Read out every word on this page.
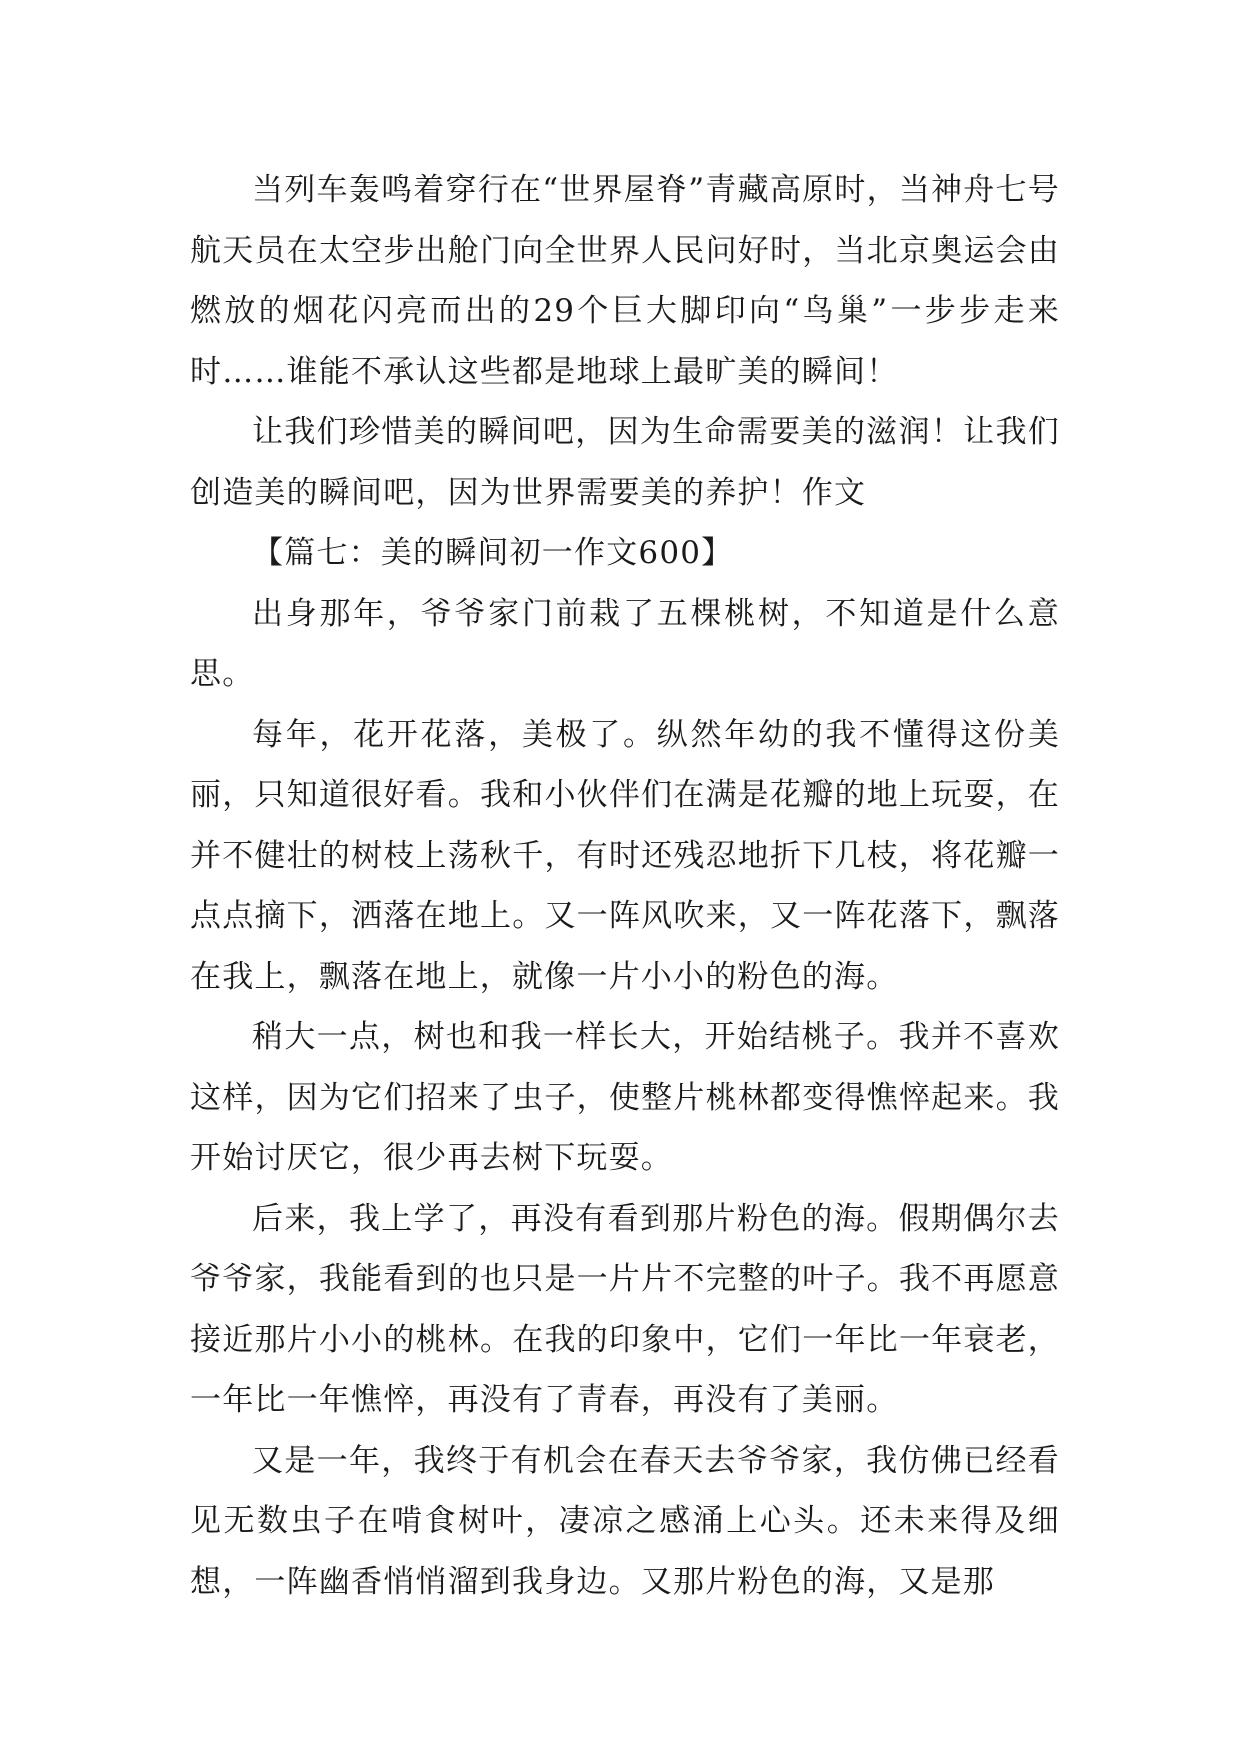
当列车轰鸣着穿行在“世界屋脊”青藏高原时，当神舟七号航天员在太空步出舱门向全世界人民问好时，当北京奥运会由燃放的烟花闪亮而出的29个巨大脚印向“鸟巢”一步步走来时……谁能不承认这些都是地球上最旷美的瞬间！

让我们珍惜美的瞬间吧，因为生命需要美的滋润！让我们创造美的瞬间吧，因为世界需要美的养护！作文

【篇七：美的瞬间初一作文600】

出身那年，爷爷家门前栽了五棵桃树，不知道是什么意思。

每年，花开花落，美极了。纵然年幼的我不懂得这份美丽，只知道很好看。我和小伙伴们在满是花瓣的地上玩耍，在并不健壮的树枝上荡秋千，有时还残忍地折下几枝，将花瓣一点点摘下，洒落在地上。又一阵风吹来，又一阵花落下，飘落在我上，飘落在地上，就像一片小小的粉色的海。

稍大一点，树也和我一样长大，开始结桃子。我并不喜欢这样，因为它们招来了虫子，使整片桃林都变得憔悴起来。我开始讨厌它，很少再去树下玩耍。

后来，我上学了，再没有看到那片粉色的海。假期偶尔去爷爷家，我能看到的也只是一片片不完整的叶子。我不再愿意接近那片小小的桃林。在我的印象中，它们一年比一年衰老，一年比一年憔悴，再没有了青春，再没有了美丽。

又是一年，我终于有机会在春天去爷爷家，我仿佛已经看见无数虫子在啃食树叶，凄凉之感涌上心头。还未来得及细想，一阵幽香悄悄溜到我身边。又那片粉色的海，又是那
